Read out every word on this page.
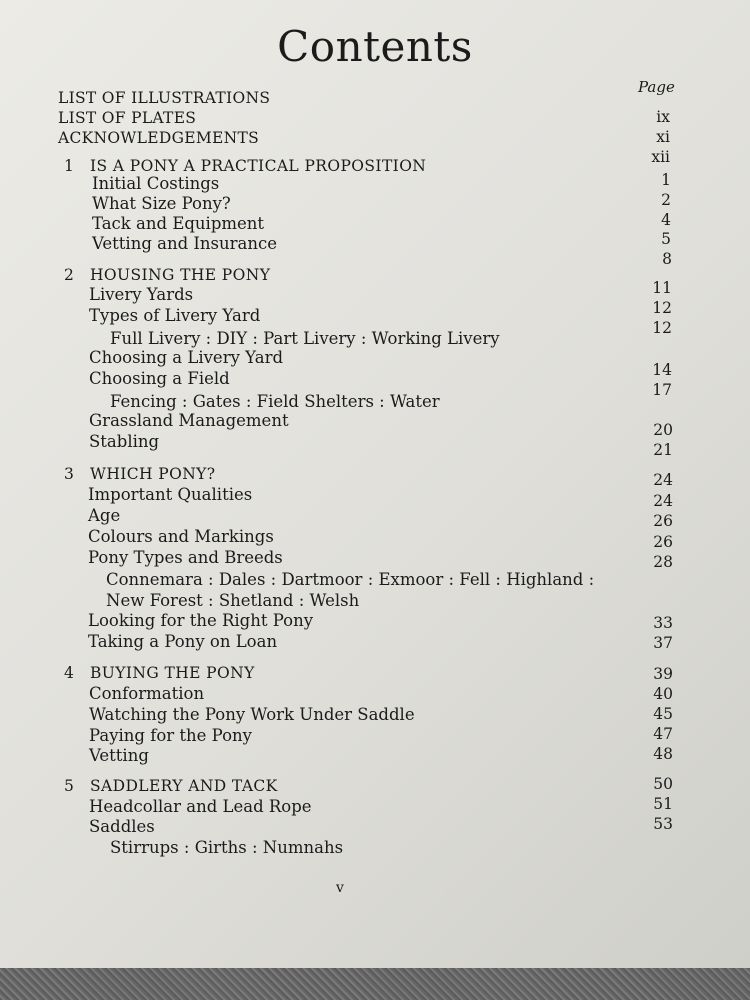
Contents
Page
LIST OF ILLUSTRATIONS
LIST OF PLATES
ACKNOWLEDGEMENTS
1 IS A PONY A PRACTICAL PROPOSITION
Initial Costings
What Size Pony?
Tack and Equipment
Vetting and Insurance
2 HOUSING THE PONY
Livery Yards
Types of Livery Yard
Full Livery : DIY : Part Livery : Working Livery
Choosing a Livery Yard
Choosing a Field
Fencing : Gates : Field Shelters : Water
Grassland Management
Stabling
3 WHICH PONY?
Important Qualities
Age
Colours and Markings
Pony Types and Breeds
Connemara : Dales : Dartmoor : Exmoor : Fell : Highland :
New Forest : Shetland : Welsh
Looking for the Right Pony
Taking a Pony on Loan
4 BUYING THE PONY
Conformation
Watching the Pony Work Under Saddle
Paying for the Pony
Vetting
5 SADDLERY AND TACK
Headcollar and Lead Rope
Saddles
Stirrups : Girths : Numnahs
ix
xi
xii
1
2
4
5
8
11
12
12
14
17
20
21
24
24
26
26
28
33
37
39
40
45
47
48
50
51
53
v
